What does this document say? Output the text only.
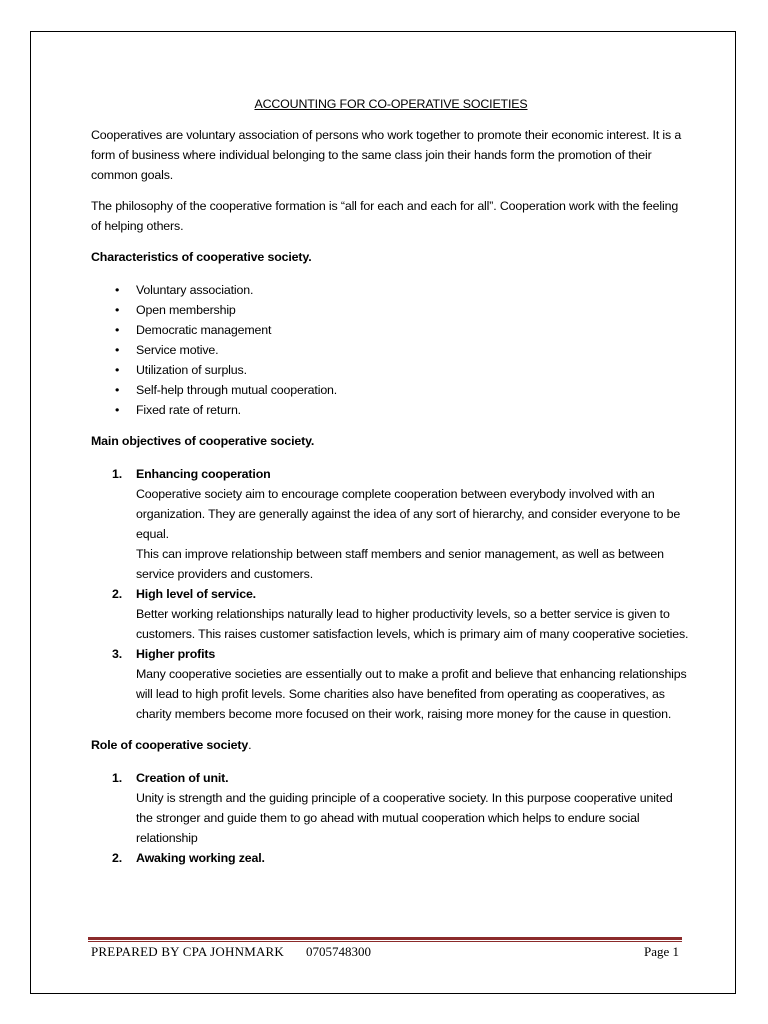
ACCOUNTING FOR CO-OPERATIVE SOCIETIES

Cooperatives are voluntary association of persons who work together to promote their economic interest. It is a form of business where individual belonging to the same class join their hands form the promotion of their common goals.

The philosophy of the cooperative formation is “all for each and each for all”. Cooperation work with the feeling of helping others.

Characteristics of cooperative society.
• Voluntary association.
• Open membership
• Democratic management
• Service motive.
• Utilization of surplus.
• Self-help through mutual cooperation.
• Fixed rate of return.
Main objectives of cooperative society.
1. Enhancing cooperation
Cooperative society aim to encourage complete cooperation between everybody involved with an organization. They are generally against the idea of any sort of hierarchy, and consider everyone to be equal.
This can improve relationship between staff members and senior management, as well as between service providers and customers.
2. High level of service.
Better working relationships naturally lead to higher productivity levels, so a better service is given to customers. This raises customer satisfaction levels, which is primary aim of many cooperative societies.
3. Higher profits
Many cooperative societies are essentially out to make a profit and believe that enhancing relationships will lead to high profit levels. Some charities also have benefited from operating as cooperatives, as charity members become more focused on their work, raising more money for the cause in question.
Role of cooperative society.
1. Creation of unit.
Unity is strength and the guiding principle of a cooperative society. In this purpose cooperative united the stronger and guide them to go ahead with mutual cooperation which helps to endure social relationship
2. Awaking working zeal.
PREPARED BY CPA JOHNMARK 0705748300	Page 1
